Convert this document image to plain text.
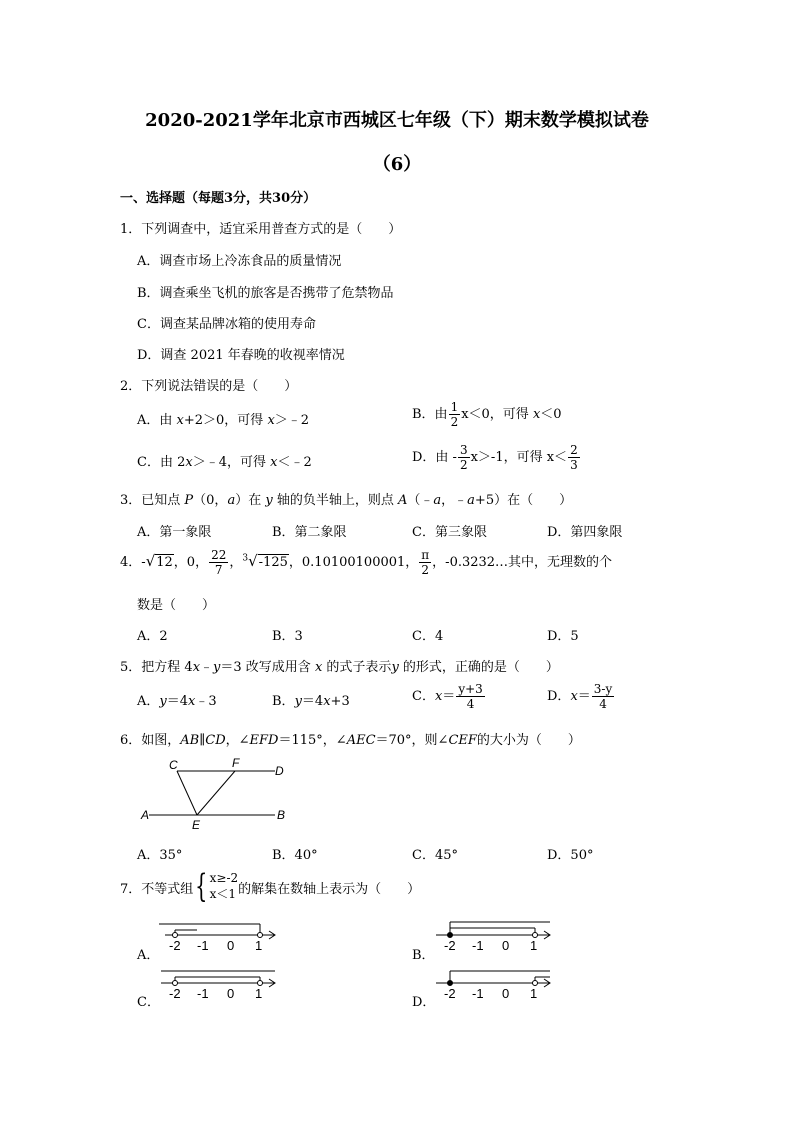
2020-2021学年北京市西城区七年级（下）期末数学模拟试卷
（6）
一、选择题（每题3分，共30分）
1．下列调查中，适宜采用普查方式的是（　　）
A．调查市场上冷冻食品的质量情况
B．调查乘坐飞机的旅客是否携带了危禁物品
C．调查某品牌冰箱的使用寿命
D．调查 2021 年春晚的收视率情况
2．下列说法错误的是（　　）
A．由 x+2＞0，可得 x＞﹣2	B．由 $\frac{1}{2} x<0$，可得 x＜0
C．由 2x＞﹣4，可得 x＜﹣2	D．由 - $\frac{3}{2} x>-1$，可得 $x< \frac{2}{3}$
3．已知点 P（0，a）在 y 轴的负半轴上，则点 A（﹣a，﹣a+5）在（　　）
A．第一象限	B．第二象限	C．第三象限	D．第四象限
4．-√12，0， $\frac{22}{7}$ ，$^3$√-125，0.10100100001， $\frac{\pi}{2}$ ，-0.3232…其中，无理数的个
数是（　　）
A．2	B．3	C．4	D．5
5．把方程 4x﹣y＝3 改写成用含 x 的式子表示y 的形式，正确的是（　　）
A．y＝4x﹣3	B．y＝4x+3	C．$x= \frac{y+3}{4}$	D．$x= \frac{3-y}{4}$
6．如图，AB∥CD，∠EFD＝115°，∠AEC＝70°，则∠CEF的大小为（　　）
C	F
D
A
E
B
A．35°	B．40°	C．45°	D．50°
7．不等式组{ x≥-2
x＜1 的解集在数轴上表示为（　　）
A．	B．
C．	D．
-2 -1 0 1	-2 -1 0 1
-2 -1 0 1	-2 -1 0 1
